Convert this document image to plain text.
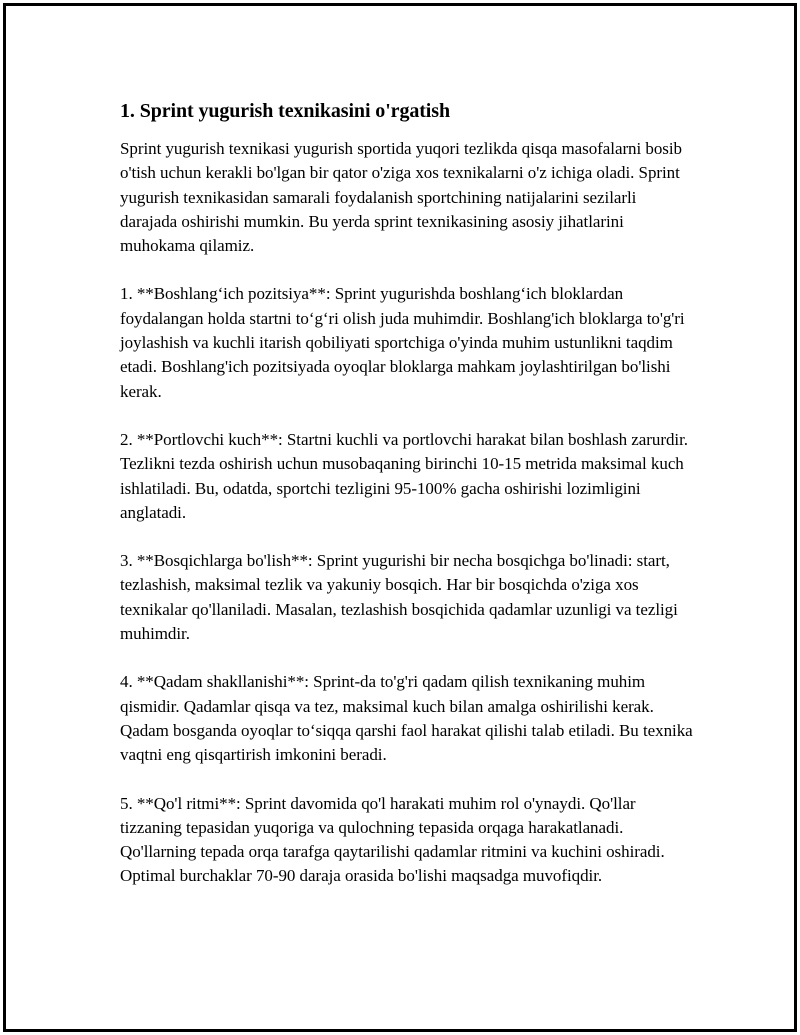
1. Sprint yugurish texnikasini o'rgatish

Sprint yugurish texnikasi yugurish sportida yuqori tezlikda qisqa masofalarni bosib o'tish uchun kerakli bo'lgan bir qator o'ziga xos texnikalarni o'z ichiga oladi. Sprint yugurish texnikasidan samarali foydalanish sportchining natijalarini sezilarli darajada oshirishi mumkin. Bu yerda sprint texnikasining asosiy jihatlarini muhokama qilamiz.

1. **Boshlang‘ich pozitsiya**: Sprint yugurishda boshlang‘ich bloklardan foydalangan holda startni to‘g‘ri olish juda muhimdir. Boshlang'ich bloklarga to'g'ri joylashish va kuchli itarish qobiliyati sportchiga o'yinda muhim ustunlikni taqdim etadi. Boshlang'ich pozitsiyada oyoqlar bloklarga mahkam joylashtirilgan bo'lishi kerak.

2. **Portlovchi kuch**: Startni kuchli va portlovchi harakat bilan boshlash zarurdir. Tezlikni tezda oshirish uchun musobaqaning birinchi 10-15 metrida maksimal kuch ishlatiladi. Bu, odatda, sportchi tezligini 95-100% gacha oshirishi lozimligini anglatadi.

3. **Bosqichlarga bo'lish**: Sprint yugurishi bir necha bosqichga bo'linadi: start, tezlashish, maksimal tezlik va yakuniy bosqich. Har bir bosqichda o'ziga xos texnikalar qo'llaniladi. Masalan, tezlashish bosqichida qadamlar uzunligi va tezligi muhimdir.

4. **Qadam shakllanishi**: Sprint-da to'g'ri qadam qilish texnikaning muhim qismidir. Qadamlar qisqa va tez, maksimal kuch bilan amalga oshirilishi kerak. Qadam bosganda oyoqlar to‘siqqa qarshi faol harakat qilishi talab etiladi. Bu texnika vaqtni eng qisqartirish imkonini beradi.

5. **Qo'l ritmi**: Sprint davomida qo'l harakati muhim rol o'ynaydi. Qo'llar tizzaning tepasidan yuqoriga va qulochning tepasida orqaga harakatlanadi. Qo'llarning tepada orqa tarafga qaytarilishi qadamlar ritmini va kuchini oshiradi. Optimal burchaklar 70-90 daraja orasida bo'lishi maqsadga muvofiqdir.
